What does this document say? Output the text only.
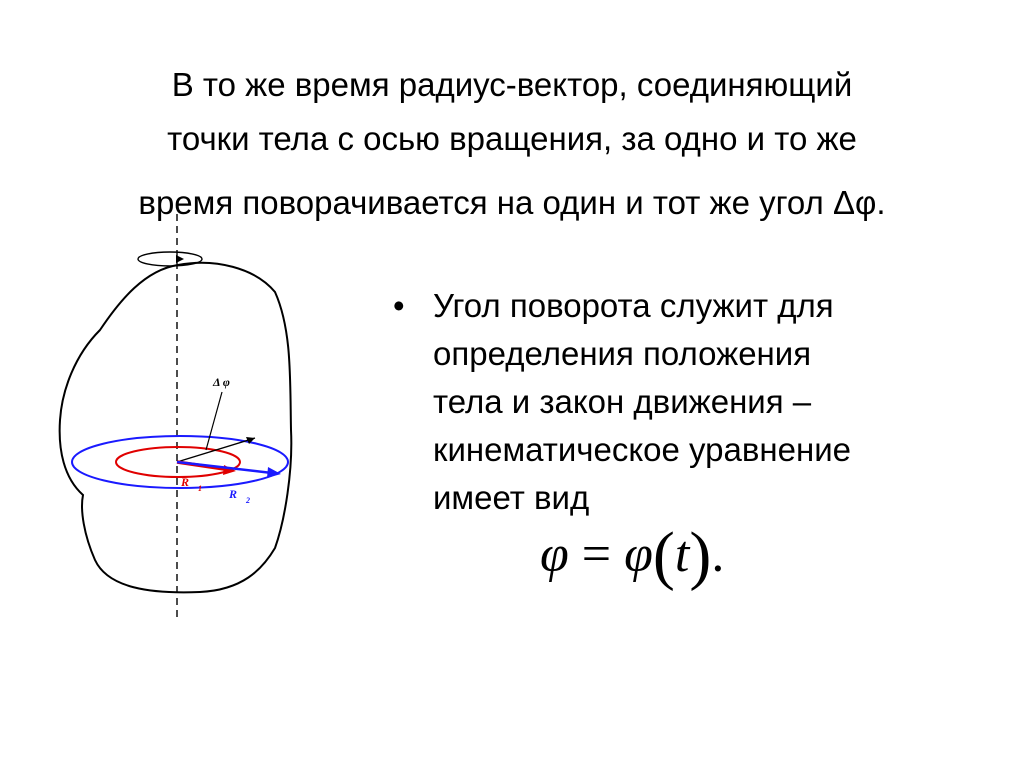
В то же время радиус-вектор, соединяющий
точки тела с осью вращения, за одно и то же
время поворачивается на один и тот же угол Δφ.
Δ φ
R 1 R 2
• Угол поворота служит для
определения положения
тела и закон движения –
кинематическое уравнение
имеет вид
φ = φ(t).
